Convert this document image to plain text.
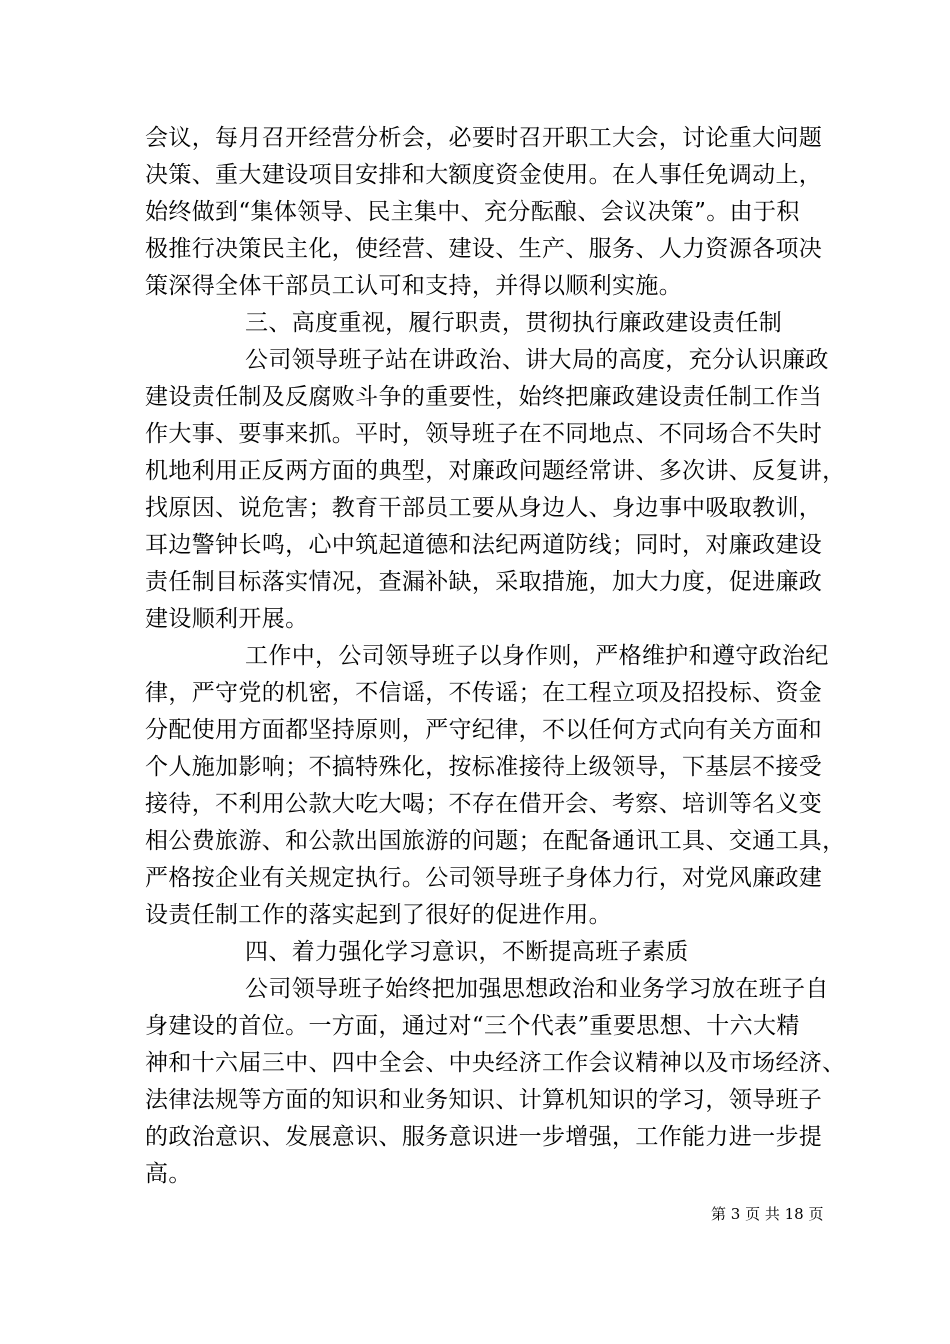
会议，每月召开经营分析会，必要时召开职工大会，讨论重大问题
决策、重大建设项目安排和大额度资金使用。在人事任免调动上，
始终做到“集体领导、民主集中、充分酝酿、会议决策”。由于积
极推行决策民主化，使经营、建设、生产、服务、人力资源各项决
策深得全体干部员工认可和支持，并得以顺利实施。
三、高度重视，履行职责，贯彻执行廉政建设责任制
公司领导班子站在讲政治、讲大局的高度，充分认识廉政
建设责任制及反腐败斗争的重要性，始终把廉政建设责任制工作当
作大事、要事来抓。平时，领导班子在不同地点、不同场合不失时
机地利用正反两方面的典型，对廉政问题经常讲、多次讲、反复讲，
找原因、说危害；教育干部员工要从身边人、身边事中吸取教训，
耳边警钟长鸣，心中筑起道德和法纪两道防线；同时，对廉政建设
责任制目标落实情况，查漏补缺，采取措施，加大力度，促进廉政
建设顺利开展。
工作中，公司领导班子以身作则，严格维护和遵守政治纪
律，严守党的机密，不信谣，不传谣；在工程立项及招投标、资金
分配使用方面都坚持原则，严守纪律，不以任何方式向有关方面和
个人施加影响；不搞特殊化，按标准接待上级领导，下基层不接受
接待，不利用公款大吃大喝；不存在借开会、考察、培训等名义变
相公费旅游、和公款出国旅游的问题；在配备通讯工具、交通工具，
严格按企业有关规定执行。公司领导班子身体力行，对党风廉政建
设责任制工作的落实起到了很好的促进作用。
四、着力强化学习意识，不断提高班子素质
公司领导班子始终把加强思想政治和业务学习放在班子自
身建设的首位。一方面，通过对“三个代表”重要思想、十六大精
神和十六届三中、四中全会、中央经济工作会议精神以及市场经济、
法律法规等方面的知识和业务知识、计算机知识的学习，领导班子
的政治意识、发展意识、服务意识进一步增强，工作能力进一步提
高。
第 3 页 共 18 页
